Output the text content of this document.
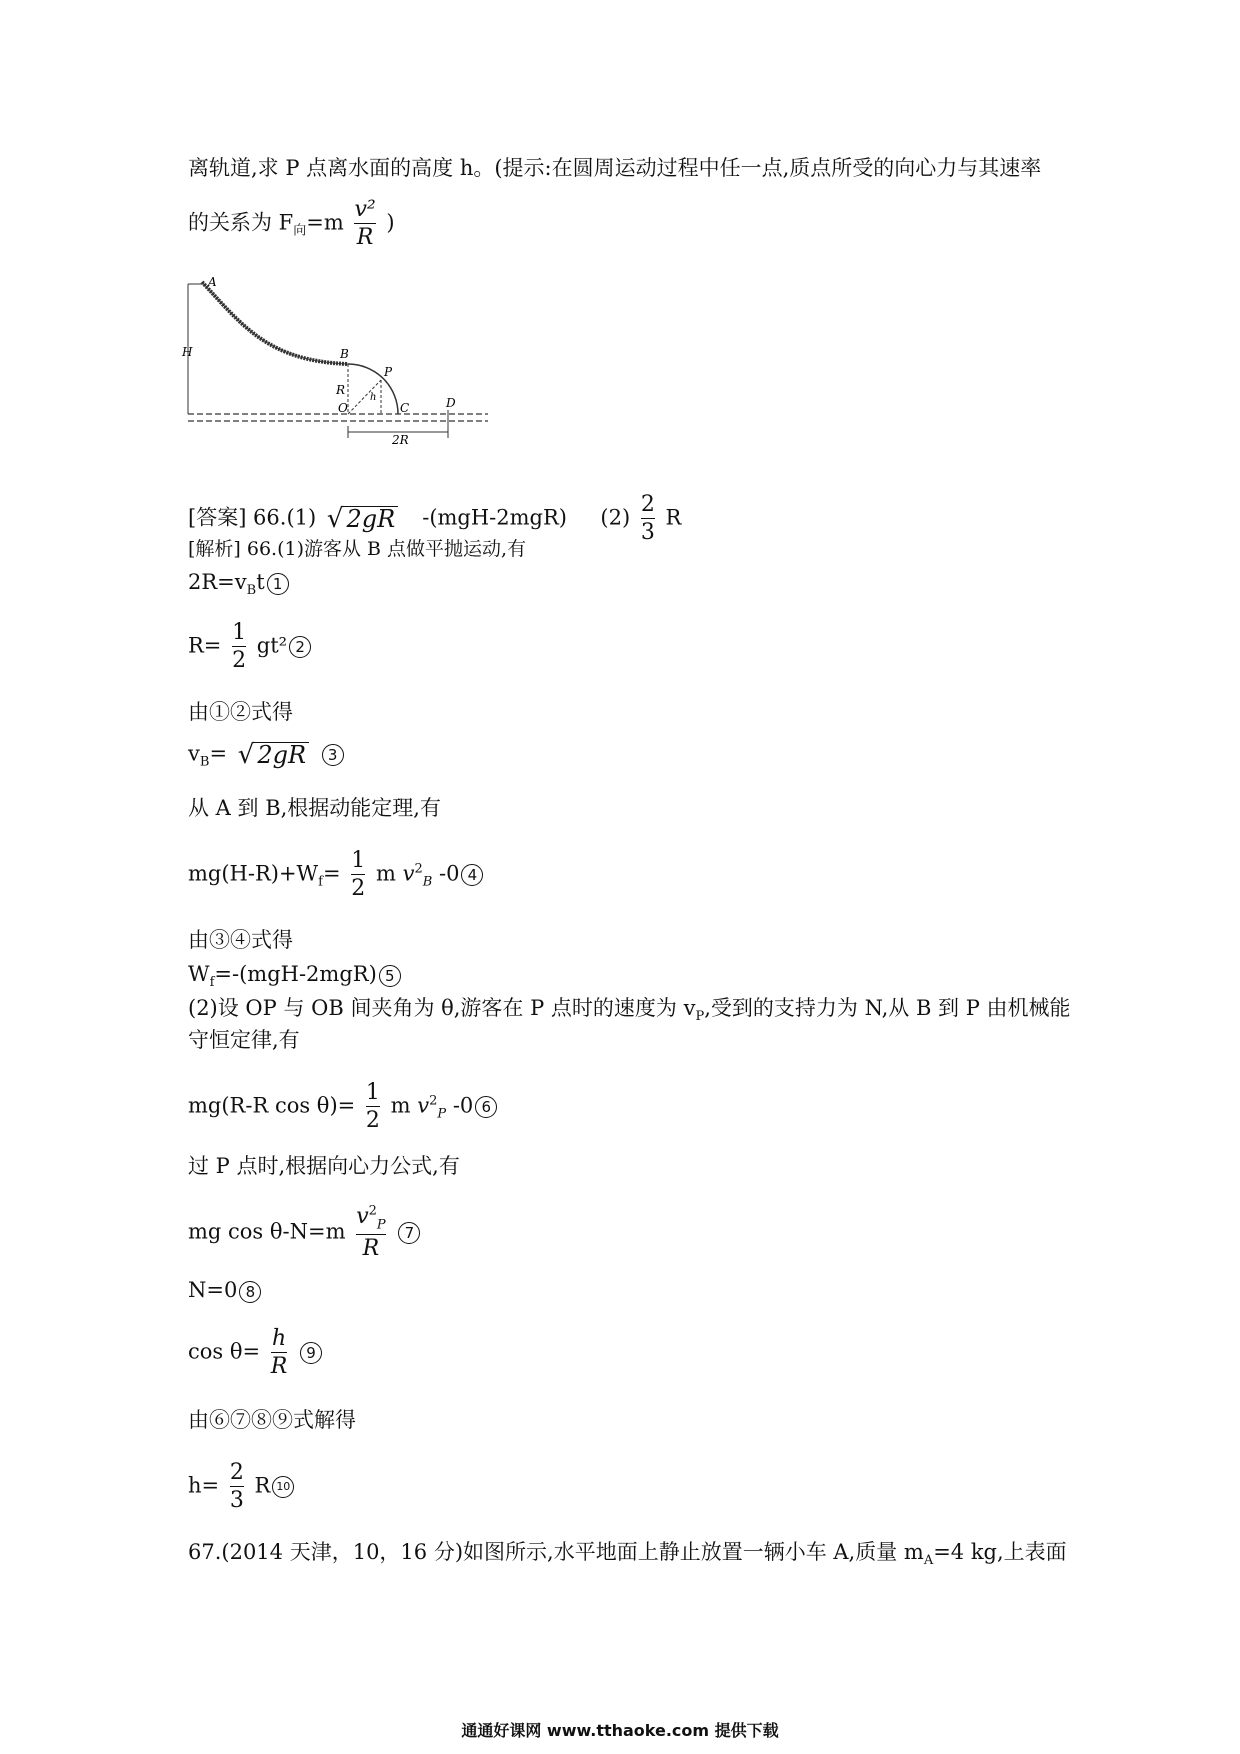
离轨道,求 P 点离水面的高度 h。(提示:在圆周运动过程中任一点,质点所受的向心力与其速率
的关系为 $F_向=m \frac{\text{v²}}{R}$ )
A
H	B
P
R
h
O	C	D
2R
[答案] 66.(1) √ 2gR -(mgH-2mgR) $(2) \frac{2}{3}$ R
[解析] 66.(1)游客从 B 点做平抛运动,有
$2R=v_Bt$ 1
$R= \frac{1}{2} gt^2$ 2
由①②式得
$v_B=$ √ 2gR 3
从 A 到 B,根据动能定理,有
$mg(H-R)+W_f= \frac{1}{2}$ m $v^2_B$ -0 4
由③④式得
$W_f=-(mgH-2mgR)$ 5
(2)设 OP 与 OB 间夹角为 θ,游客在 P 点时的速度为 $v_P$,受到的支持力为 N,从 B 到 P 由机械能
守恒定律,有
mg(R-R $\cos \theta)= \frac{1}{2}$ m $v^2_P$ -0 6
过 P 点时,根据向心力公式,有
mg $\cos \theta-N=m \frac{v^2_P}{R} 7$
N=0 8
$\cos \theta= \frac{h}{R} 9$
由⑥⑦⑧⑨式解得
$h= \frac{2}{3}$ R 10
67.(2014 天津，10，16 分)如图所示,水平地面上静止放置一辆小车 A,质量 $m_A=4$ kg,上表面
通通好课网 www.tthaoke.com 提供下载
